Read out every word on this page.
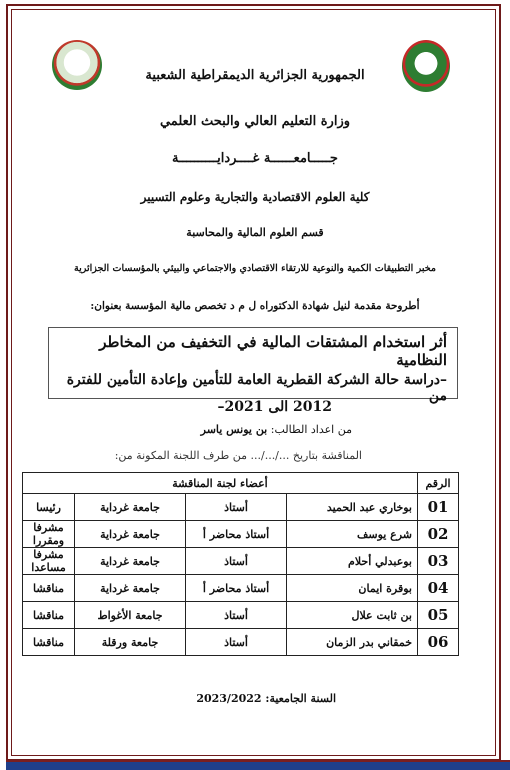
الجمهورية الجزائرية الديمقراطية الشعبية
وزارة التعليم العالي والبحث العلمي
جـــــامعــــــة غــــردايــــــــــة
كلية العلوم الاقتصادية والتجارية وعلوم التسيير
قسم العلوم المالية والمحاسبة
مخبر التطبيقات الكمية والنوعية للارتقاء الاقتصادي والاجتماعي والبيئي بالمؤسسات الجزائرية
أطروحة مقدمة لنيل شهادة الدكتوراه ل م د تخصص مالية المؤسسة بعنوان:
أثر استخدام المشتقات المالية في التخفيف من المخاطر النظامية
–دراسة حالة الشركة القطرية العامة للتأمين وإعادة التأمين للفترة من
2012 الى 2021–
من اعداد الطالب: بن يونس ياسر
المناقشة بتاريخ .../.../... من طرف اللجنة المكونة من:
الرقم	أعضاء لجنة المناقشة			
01	بوخاري عبد الحميد	أستاذ	جامعة غرداية	رئيسا
02	شرع يوسف	أستاذ محاضر أ	جامعة غرداية	مشرفا ومقررا
03	بوعبدلي أحلام	أستاذ	جامعة غرداية	مشرفا مساعدا
04	بوقرة ايمان	أستاذ محاضر أ	جامعة غرداية	مناقشا
05	بن ثابت علال	أستاذ	جامعة الأغواط	مناقشا
06	خمقاني بدر الزمان	أستاذ	جامعة ورقلة	مناقشا
السنة الجامعية: 2023/2022
